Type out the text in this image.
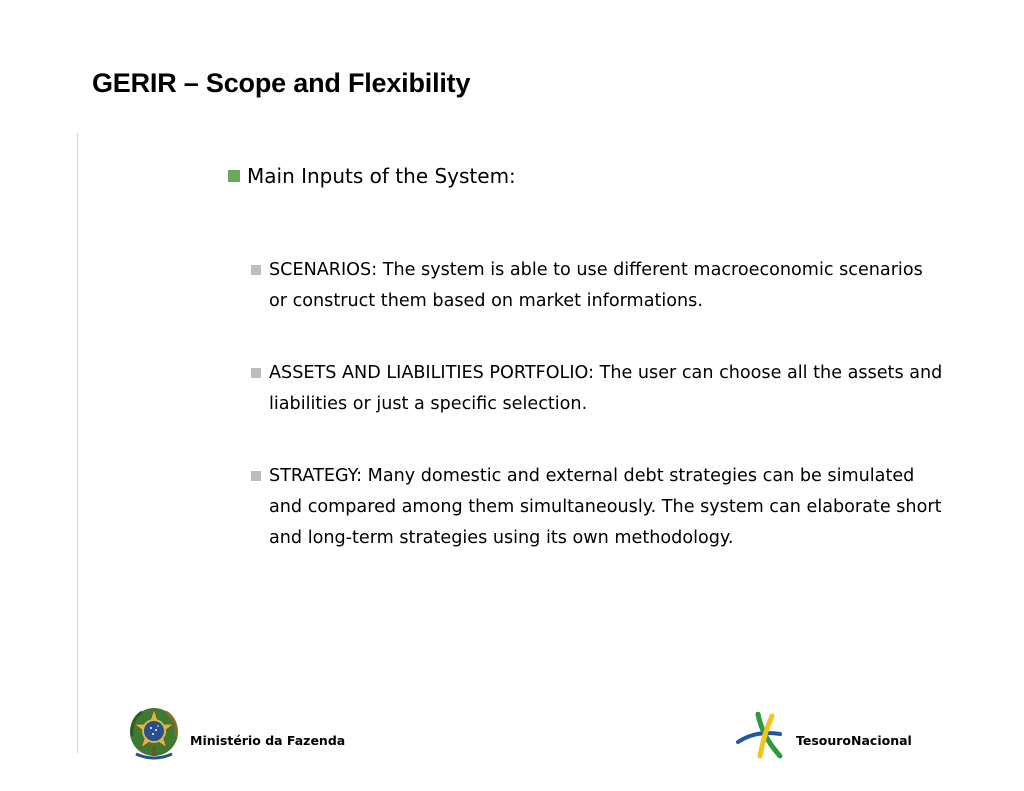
GERIR – Scope and Flexibility
Main Inputs of the System:
SCENARIOS: The system is able to use different macroeconomic scenarios or construct them based on market informations.
ASSETS AND LIABILITIES PORTFOLIO: The user can choose all the assets and liabilities or just a specific selection.
STRATEGY: Many domestic and external debt strategies can be simulated and compared among them simultaneously. The system can elaborate short and long-term strategies using its own methodology.
Ministério da Fazenda	TesouroNacional
